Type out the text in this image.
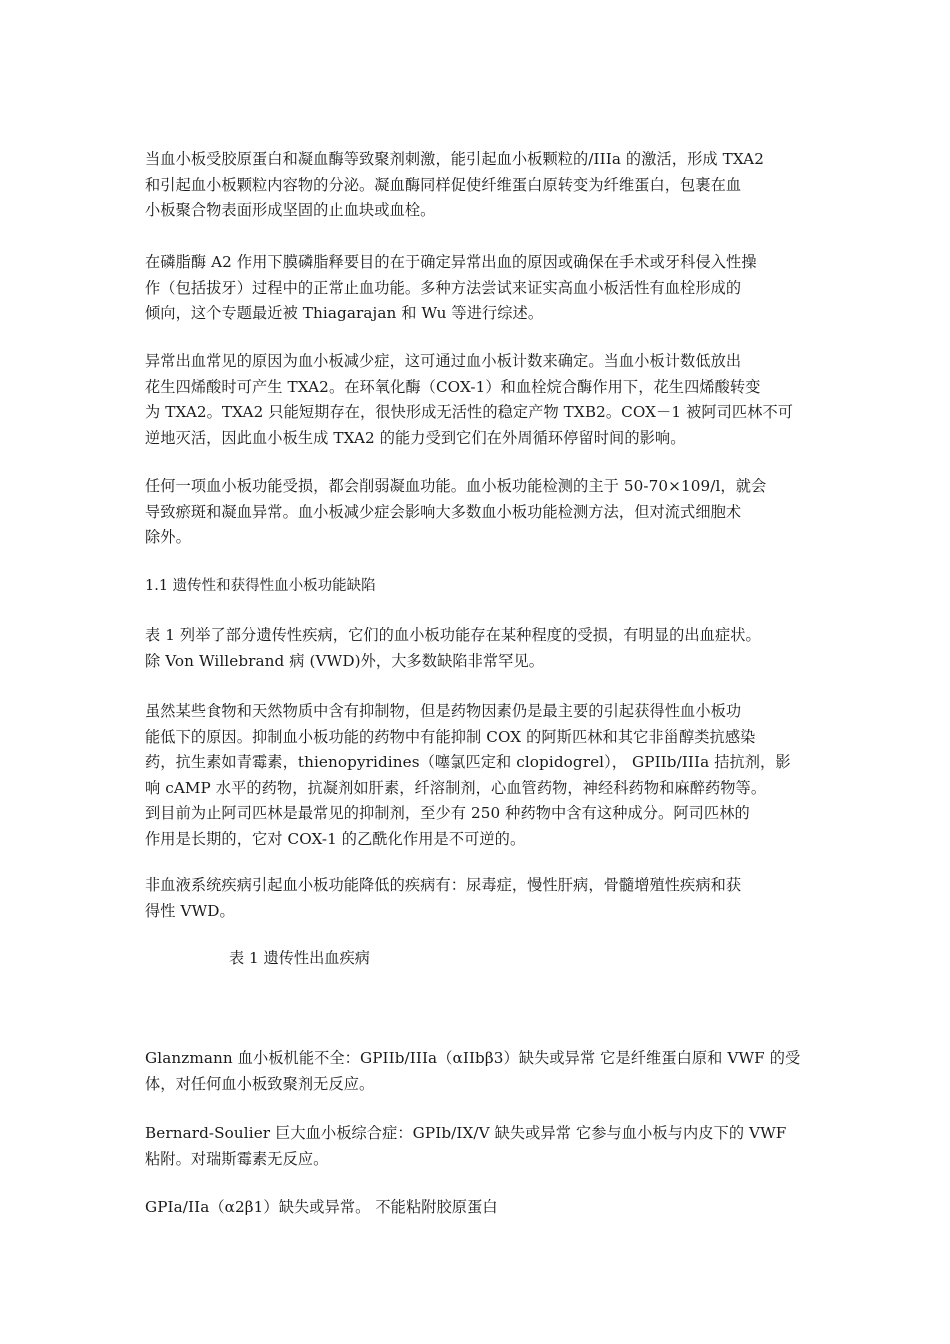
当血小板受胶原蛋白和凝血酶等致聚剂刺激，能引起血小板颗粒的/IIIa 的激活，形成 TXA2
和引起血小板颗粒内容物的分泌。凝血酶同样促使纤维蛋白原转变为纤维蛋白，包裹在血
小板聚合物表面形成坚固的止血块或血栓。
在磷脂酶 A2 作用下膜磷脂释要目的在于确定异常出血的原因或确保在手术或牙科侵入性操
作（包括拔牙）过程中的正常止血功能。多种方法尝试来证实高血小板活性有血栓形成的
倾向，这个专题最近被 Thiagarajan 和 Wu 等进行综述。
异常出血常见的原因为血小板减少症，这可通过血小板计数来确定。当血小板计数低放出
花生四烯酸时可产生 TXA2。在环氧化酶（COX-1）和血栓烷合酶作用下，花生四烯酸转变
为 TXA2。TXA2 只能短期存在，很快形成无活性的稳定产物 TXB2。COX－1 被阿司匹林不可
逆地灭活，因此血小板生成 TXA2 的能力受到它们在外周循环停留时间的影响。
任何一项血小板功能受损，都会削弱凝血功能。血小板功能检测的主于 50-70×109/l，就会
导致瘀斑和凝血异常。血小板减少症会影响大多数血小板功能检测方法，但对流式细胞术
除外。

1.1 遗传性和获得性血小板功能缺陷

表 1 列举了部分遗传性疾病，它们的血小板功能存在某种程度的受损，有明显的出血症状。
除 Von Willebrand 病 (VWD)外，大多数缺陷非常罕见。
虽然某些食物和天然物质中含有抑制物，但是药物因素仍是最主要的引起获得性血小板功
能低下的原因。抑制血小板功能的药物中有能抑制 COX 的阿斯匹林和其它非甾醇类抗感染
药，抗生素如青霉素，thienopyridines（噻氯匹定和 clopidogrel）， GPIIb/IIIa 拮抗剂，影
响 cAMP 水平的药物，抗凝剂如肝素，纤溶制剂，心血管药物，神经科药物和麻醉药物等。
到目前为止阿司匹林是最常见的抑制剂，至少有 250 种药物中含有这种成分。阿司匹林的
作用是长期的，它对 COX-1 的乙酰化作用是不可逆的。
非血液系统疾病引起血小板功能降低的疾病有：尿毒症，慢性肝病，骨髓增殖性疾病和获
得性 VWD。

表 1 遗传性出血疾病

Glanzmann 血小板机能不全：GPIIb/IIIa（αIIbβ3）缺失或异常 它是纤维蛋白原和 VWF 的受
体，对任何血小板致聚剂无反应。
Bernard-Soulier 巨大血小板综合症：GPIb/IX/V 缺失或异常 它参与血小板与内皮下的 VWF
粘附。对瑞斯霉素无反应。
GPIa/IIa（α2β1）缺失或异常。 不能粘附胶原蛋白
